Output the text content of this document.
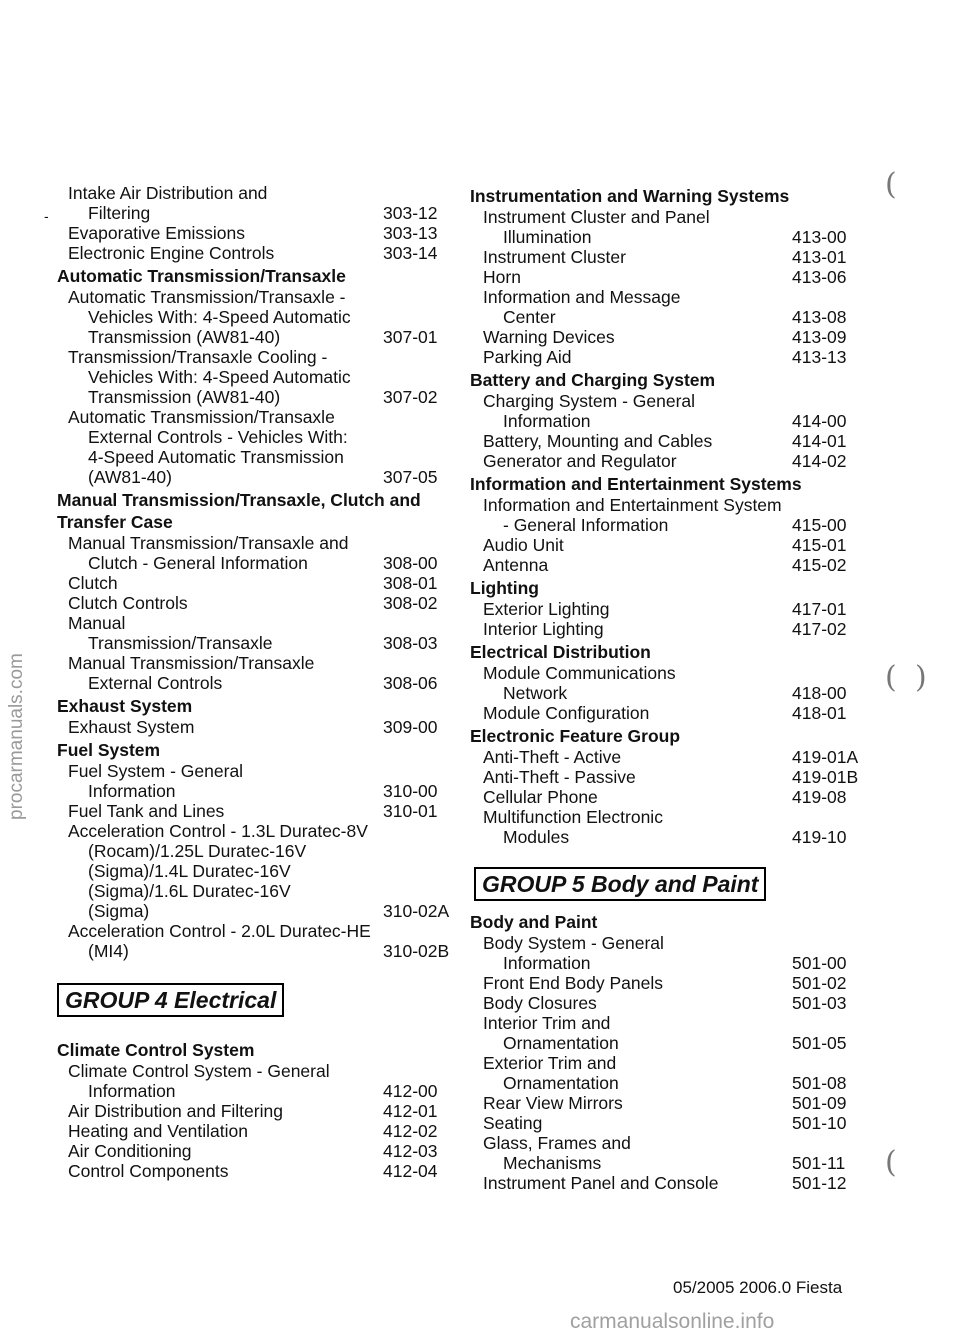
Intake Air Distribution and
Filtering	303-12
Evaporative Emissions	303-13
Electronic Engine Controls	303-14
Automatic Transmission/Transaxle
Automatic Transmission/Transaxle -
Vehicles With: 4-Speed Automatic
Transmission (AW81-40)	307-01
Transmission/Transaxle Cooling -
Vehicles With: 4-Speed Automatic
Transmission (AW81-40)	307-02
Automatic Transmission/Transaxle
External Controls - Vehicles With:
4-Speed Automatic Transmission
(AW81-40)	307-05
Manual Transmission/Transaxle, Clutch and Transfer Case
Manual Transmission/Transaxle and
Clutch - General Information	308-00
Clutch	308-01
Clutch Controls	308-02
Manual
Transmission/Transaxle	308-03
Manual Transmission/Transaxle
External Controls	308-06
Exhaust System
Exhaust System	309-00
Fuel System
Fuel System - General
Information	310-00
Fuel Tank and Lines	310-01
Acceleration Control - 1.3L Duratec-8V
(Rocam)/1.25L Duratec-16V
(Sigma)/1.4L Duratec-16V
(Sigma)/1.6L Duratec-16V
(Sigma)	310-02A
Acceleration Control - 2.0L Duratec-HE
(MI4)	310-02B
GROUP 4 Electrical
Climate Control System
Climate Control System - General
Information	412-00
Air Distribution and Filtering	412-01
Heating and Ventilation	412-02
Air Conditioning	412-03
Control Components	412-04
Instrumentation and Warning Systems
Instrument Cluster and Panel
Illumination	413-00
Instrument Cluster	413-01
Horn	413-06
Information and Message
Center	413-08
Warning Devices	413-09
Parking Aid	413-13
Battery and Charging System
Charging System - General
Information	414-00
Battery, Mounting and Cables	414-01
Generator and Regulator	414-02
Information and Entertainment Systems
Information and Entertainment System
- General Information	415-00
Audio Unit	415-01
Antenna	415-02
Lighting
Exterior Lighting	417-01
Interior Lighting	417-02
Electrical Distribution
Module Communications
Network	418-00
Module Configuration	418-01
Electronic Feature Group
Anti-Theft - Active	419-01A
Anti-Theft - Passive	419-01B
Cellular Phone	419-08
Multifunction Electronic
Modules	419-10
GROUP 5 Body and Paint
Body and Paint
Body System - General
Information	501-00
Front End Body Panels	501-02
Body Closures	501-03
Interior Trim and
Ornamentation	501-05
Exterior Trim and
Ornamentation	501-08
Rear View Mirrors	501-09
Seating	501-10
Glass, Frames and
Mechanisms	501-11
Instrument Panel and Console	501-12
-
(
( )
(
procarmanuals.com
05/2005 2006.0 Fiesta
carmanualsonline.info
